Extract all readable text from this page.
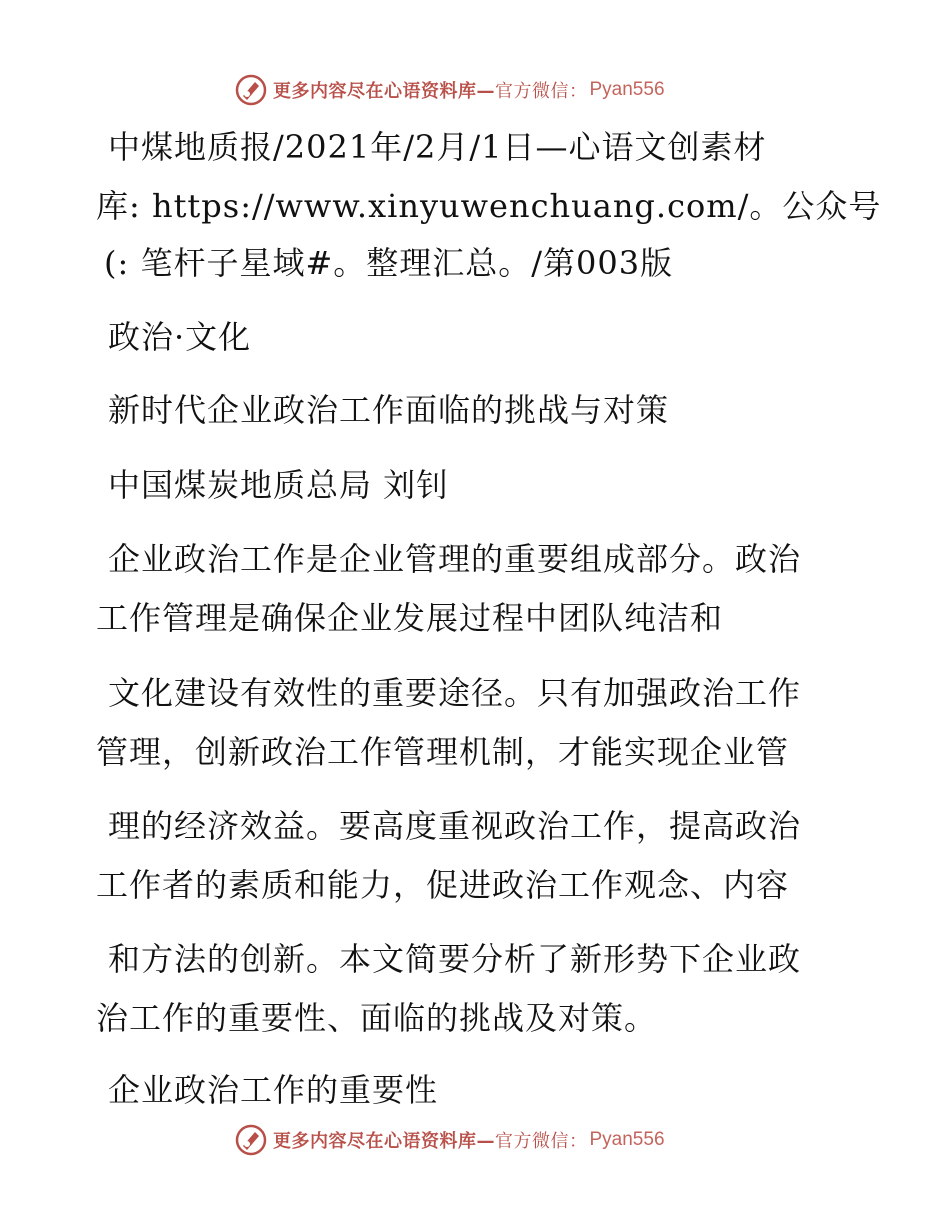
更多内容尽在心语资料库— 官方微信： Pyan556
中煤地质报/2021年/2月/1日—心语文创素材
库: https://www.xinyuwenchuang.com/。公众号
(: 笔杆子星域#。整理汇总。/第003版
政治·文化
新时代企业政治工作面临的挑战与对策
中国煤炭地质总局 刘钊
企业政治工作是企业管理的重要组成部分。政治
工作管理是确保企业发展过程中团队纯洁和
文化建设有效性的重要途径。只有加强政治工作
管理，创新政治工作管理机制，才能实现企业管
理的经济效益。要高度重视政治工作，提高政治
工作者的素质和能力，促进政治工作观念、内容
和方法的创新。本文简要分析了新形势下企业政
治工作的重要性、面临的挑战及对策。
企业政治工作的重要性
更多内容尽在心语资料库— 官方微信： Pyan556
